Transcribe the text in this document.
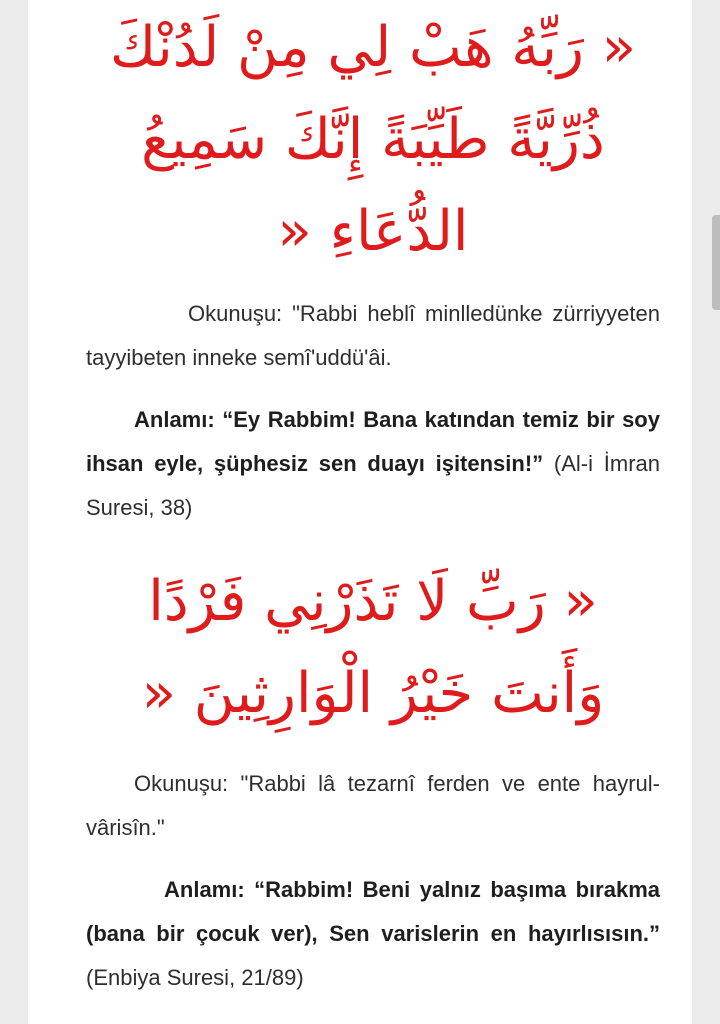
« رَبِّهُ هَبْ لِي مِنْ لَدُنْكَ
ذُرِّيَّةً طَيِّبَةً إِنَّكَ سَمِيعُ
الدُّعَاءِ «

Okunuşu: "Rabbi heblî minlledünke zürriyyeten tayyibeten inneke semî'uddü'âi.

Anlamı: “Ey Rabbim! Bana katından temiz bir soy ihsan eyle, şüphesiz sen duayı işitensin!” (Al-i İmran Suresi, 38)

« رَبِّ لَا تَذَرْنِي فَرْدًا
وَأَنتَ خَيْرُ الْوَارِثِينَ «

Okunuşu: "Rabbi lâ tezarnî ferden ve ente hayrul-vârisîn."

Anlamı: “Rabbim! Beni yalnız başıma bırakma (bana bir çocuk ver), Sen varislerin en hayırlısısın.” (Enbiya Suresi, 21/89)
